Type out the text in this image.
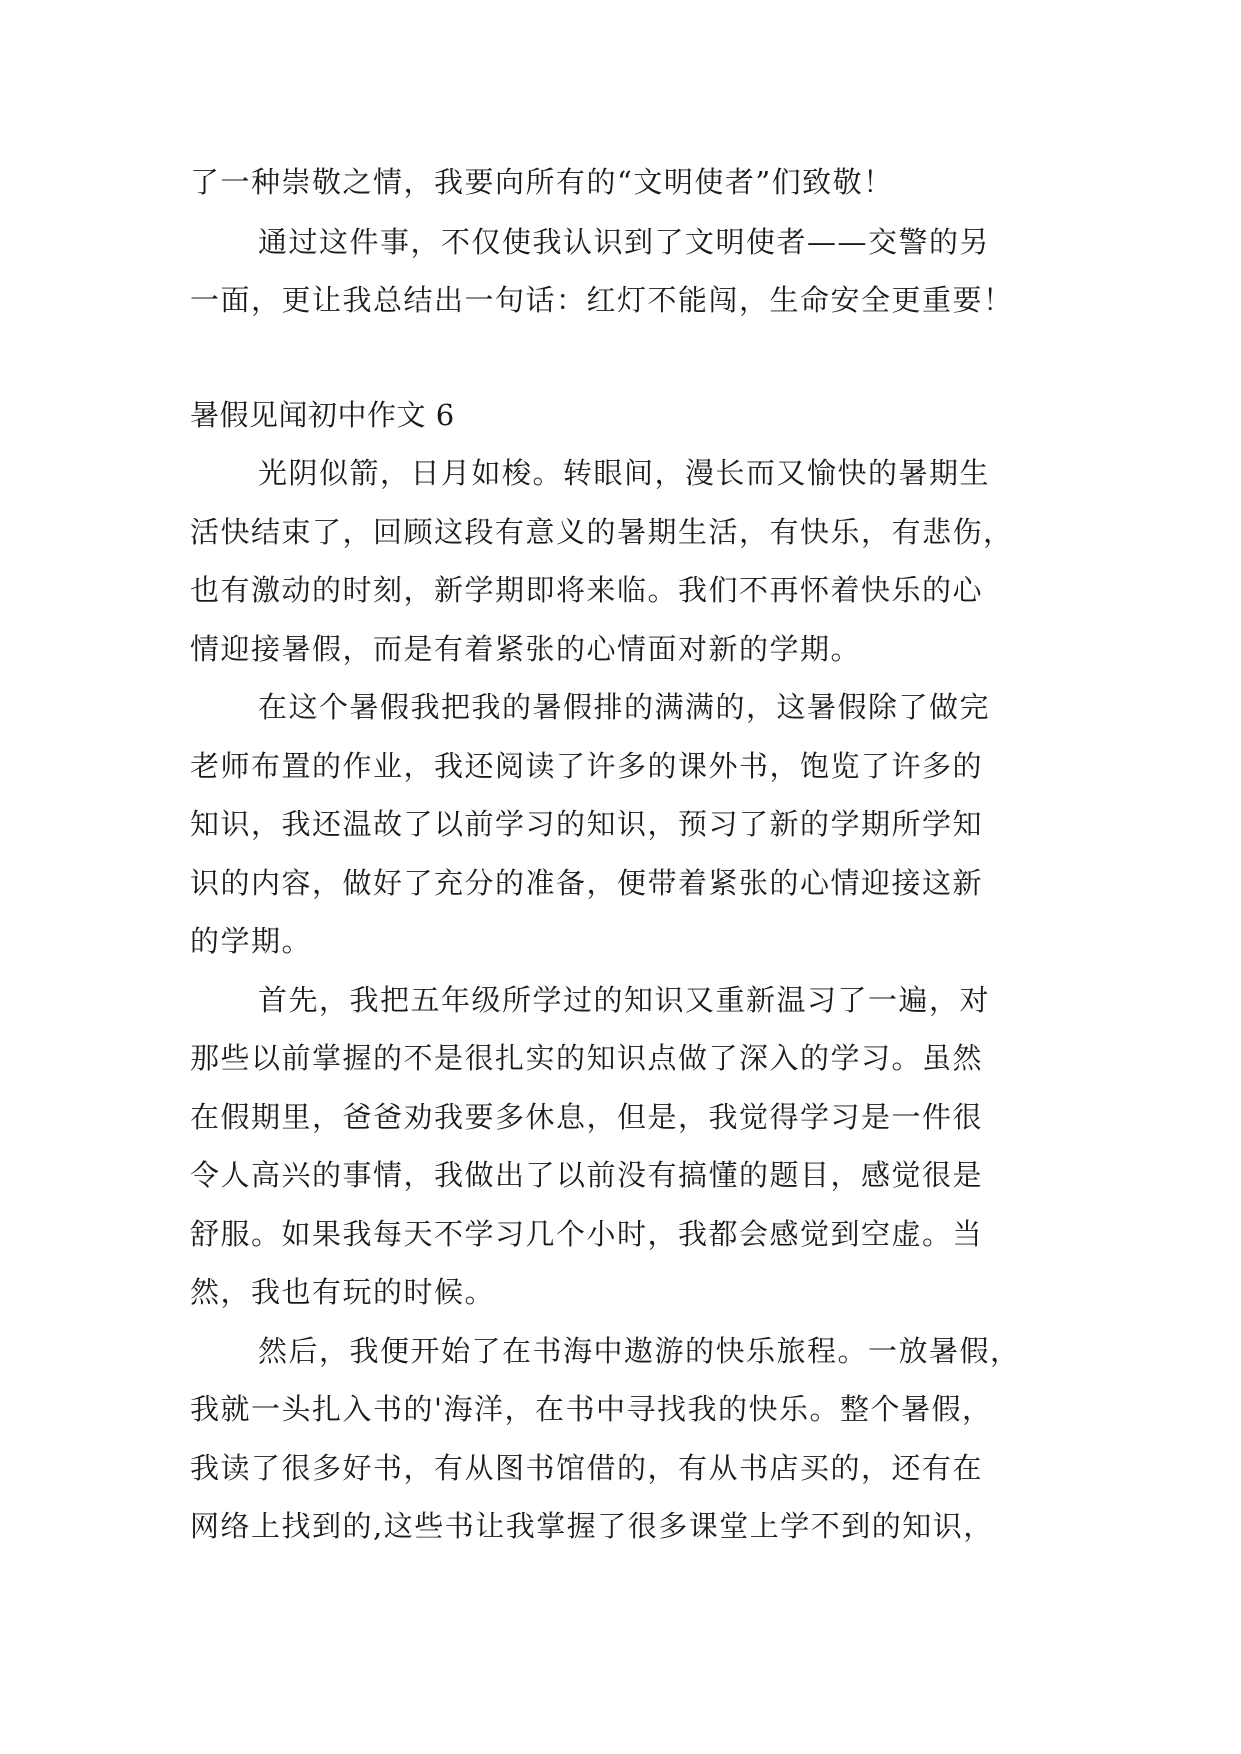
了一种崇敬之情，我要向所有的“文明使者”们致敬！
通过这件事，不仅使我认识到了文明使者——交警的另
一面，更让我总结出一句话：红灯不能闯，生命安全更重要！
暑假见闻初中作文 6
光阴似箭，日月如梭。转眼间，漫长而又愉快的暑期生
活快结束了，回顾这段有意义的暑期生活，有快乐，有悲伤，
也有激动的时刻，新学期即将来临。我们不再怀着快乐的心
情迎接暑假，而是有着紧张的心情面对新的学期。
在这个暑假我把我的暑假排的满满的，这暑假除了做完
老师布置的作业，我还阅读了许多的课外书，饱览了许多的
知识，我还温故了以前学习的知识，预习了新的学期所学知
识的内容，做好了充分的准备，便带着紧张的心情迎接这新
的学期。
首先，我把五年级所学过的知识又重新温习了一遍，对
那些以前掌握的不是很扎实的知识点做了深入的学习。虽然
在假期里，爸爸劝我要多休息，但是，我觉得学习是一件很
令人高兴的事情，我做出了以前没有搞懂的题目，感觉很是
舒服。如果我每天不学习几个小时，我都会感觉到空虚。当
然，我也有玩的时候。
然后，我便开始了在书海中遨游的快乐旅程。一放暑假，
我就一头扎入书的'海洋，在书中寻找我的快乐。整个暑假，
我读了很多好书，有从图书馆借的，有从书店买的，还有在
网络上找到的,这些书让我掌握了很多课堂上学不到的知识，
